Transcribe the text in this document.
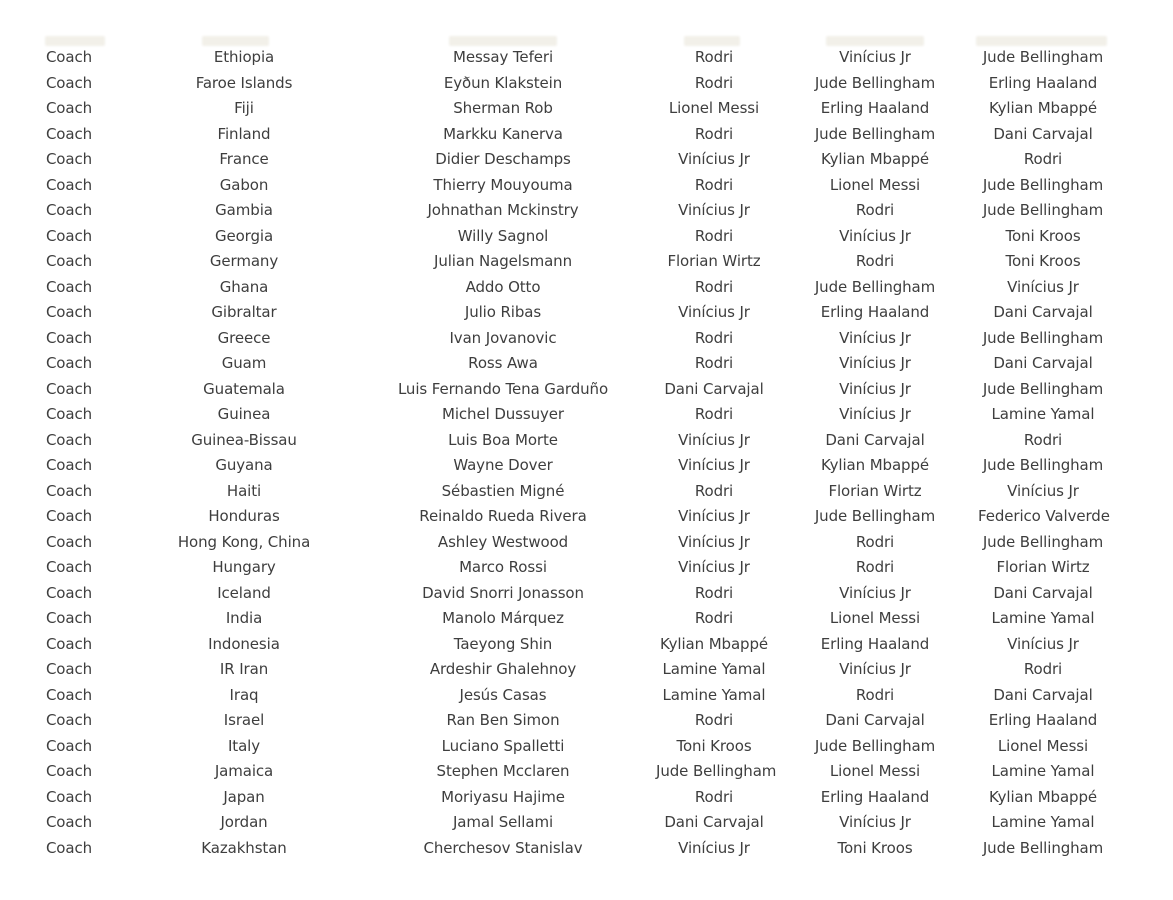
Coach	Ethiopia	Messay Teferi	Rodri	Vinícius Jr	Jude Bellingham
Coach	Faroe Islands	Eyðun Klakstein	Rodri	Jude Bellingham	Erling Haaland
Coach	Fiji	Sherman Rob	Lionel Messi	Erling Haaland	Kylian Mbappé
Coach	Finland	Markku Kanerva	Rodri	Jude Bellingham	Dani Carvajal
Coach	France	Didier Deschamps	Vinícius Jr	Kylian Mbappé	Rodri
Coach	Gabon	Thierry Mouyouma	Rodri	Lionel Messi	Jude Bellingham
Coach	Gambia	Johnathan Mckinstry	Vinícius Jr	Rodri	Jude Bellingham
Coach	Georgia	Willy Sagnol	Rodri	Vinícius Jr	Toni Kroos
Coach	Germany	Julian Nagelsmann	Florian Wirtz	Rodri	Toni Kroos
Coach	Ghana	Addo Otto	Rodri	Jude Bellingham	Vinícius Jr
Coach	Gibraltar	Julio Ribas	Vinícius Jr	Erling Haaland	Dani Carvajal
Coach	Greece	Ivan Jovanovic	Rodri	Vinícius Jr	Jude Bellingham
Coach	Guam	Ross Awa	Rodri	Vinícius Jr	Dani Carvajal
Coach	Guatemala	Luis Fernando Tena Garduño	Dani Carvajal	Vinícius Jr	Jude Bellingham
Coach	Guinea	Michel Dussuyer	Rodri	Vinícius Jr	Lamine Yamal
Coach	Guinea-Bissau	Luis Boa Morte	Vinícius Jr	Dani Carvajal	Rodri
Coach	Guyana	Wayne Dover	Vinícius Jr	Kylian Mbappé	Jude Bellingham
Coach	Haiti	Sébastien Migné	Rodri	Florian Wirtz	Vinícius Jr
Coach	Honduras	Reinaldo Rueda Rivera	Vinícius Jr	Jude Bellingham	Federico Valverde
Coach	Hong Kong, China	Ashley Westwood	Vinícius Jr	Rodri	Jude Bellingham
Coach	Hungary	Marco Rossi	Vinícius Jr	Rodri	Florian Wirtz
Coach	Iceland	David Snorri Jonasson	Rodri	Vinícius Jr	Dani Carvajal
Coach	India	Manolo Márquez	Rodri	Lionel Messi	Lamine Yamal
Coach	Indonesia	Taeyong Shin	Kylian Mbappé	Erling Haaland	Vinícius Jr
Coach	IR Iran	Ardeshir Ghalehnoy	Lamine Yamal	Vinícius Jr	Rodri
Coach	Iraq	Jesús Casas	Lamine Yamal	Rodri	Dani Carvajal
Coach	Israel	Ran Ben Simon	Rodri	Dani Carvajal	Erling Haaland
Coach	Italy	Luciano Spalletti	Toni Kroos	Jude Bellingham	Lionel Messi
Coach	Jamaica	Stephen Mcclaren	Jude Bellingham	Lionel Messi	Lamine Yamal
Coach	Japan	Moriyasu Hajime	Rodri	Erling Haaland	Kylian Mbappé
Coach	Jordan	Jamal Sellami	Dani Carvajal	Vinícius Jr	Lamine Yamal
Coach	Kazakhstan	Cherchesov Stanislav	Vinícius Jr	Toni Kroos	Jude Bellingham
